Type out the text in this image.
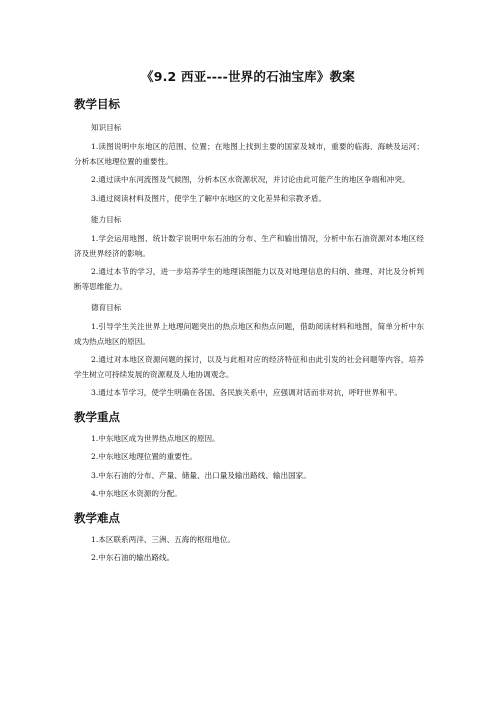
《9.2 西亚----世界的石油宝库》教案
教学目标
知识目标

1.读图说明中东地区的范围、位置；在地图上找到主要的国家及城市，重要的临海、海峡及运河；分析本区地理位置的重要性。

2.通过读中东河流图及气候图，分析本区水资源状况，并讨论由此可能产生的地区争端和冲突。

3.通过阅读材料及图片，使学生了解中东地区的文化差异和宗教矛盾。

能力目标

1.学会运用地图、统计数字说明中东石油的分布、生产和输出情况，分析中东石油资源对本地区经济及世界经济的影响。

2.通过本节的学习，进一步培养学生的地理读图能力以及对地理信息的归纳、推理、对比及分析判断等思维能力。

德育目标

1.引导学生关注世界上地理问题突出的热点地区和热点问题，借助阅读材料和地图，简单分析中东成为热点地区的原因。

2.通过对本地区资源问题的探讨，以及与此相对应的经济特征和由此引发的社会问题等内容，培养学生树立可持续发展的资源观及人地协调观念。

3.通过本节学习，使学生明确在各国、各民族关系中，应强调对话而非对抗，呼吁世界和平。

教学重点

1.中东地区成为世界热点地区的原因。

2.中东地区地理位置的重要性。

3.中东石油的分布、产量、储量、出口量及输出路线、输出国家。

4.中东地区水资源的分配。

教学难点

1.本区联系两洋、三洲、五海的枢纽地位。

2.中东石油的输出路线。
